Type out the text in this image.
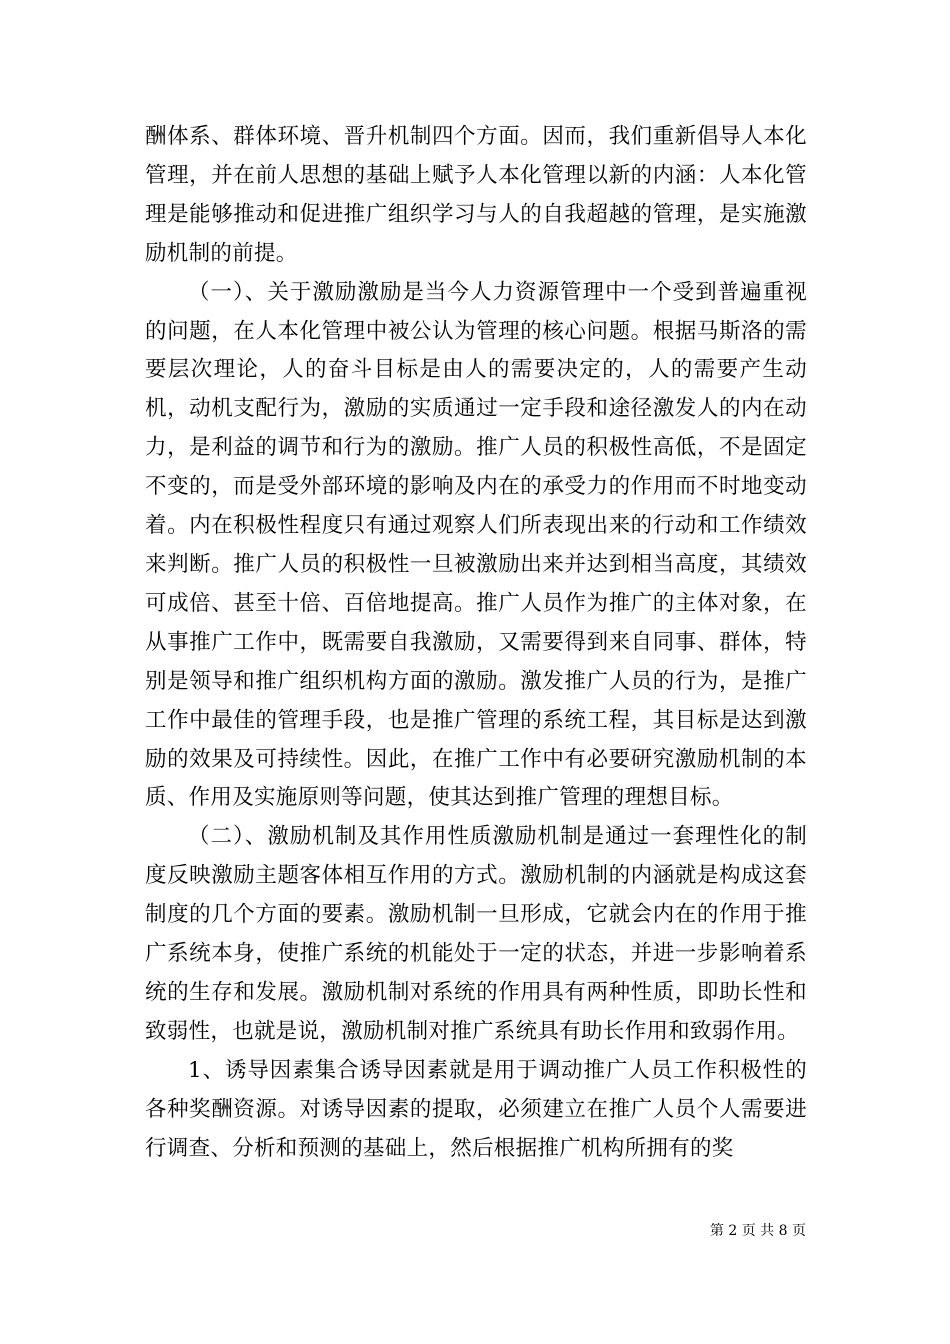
酬体系、群体环境、晋升机制四个方面。因而，我们重新倡导人本化管理，并在前人思想的基础上赋予人本化管理以新的内涵：人本化管理是能够推动和促进推广组织学习与人的自我超越的管理，是实施激励机制的前提。

（一）、关于激励激励是当今人力资源管理中一个受到普遍重视的问题，在人本化管理中被公认为管理的核心问题。根据马斯洛的需要层次理论，人的奋斗目标是由人的需要决定的，人的需要产生动机，动机支配行为，激励的实质通过一定手段和途径激发人的内在动力，是利益的调节和行为的激励。推广人员的积极性高低，不是固定不变的，而是受外部环境的影响及内在的承受力的作用而不时地变动着。内在积极性程度只有通过观察人们所表现出来的行动和工作绩效来判断。推广人员的积极性一旦被激励出来并达到相当高度，其绩效可成倍、甚至十倍、百倍地提高。推广人员作为推广的主体对象，在从事推广工作中，既需要自我激励，又需要得到来自同事、群体，特别是领导和推广组织机构方面的激励。激发推广人员的行为，是推广工作中最佳的管理手段，也是推广管理的系统工程，其目标是达到激励的效果及可持续性。因此，在推广工作中有必要研究激励机制的本质、作用及实施原则等问题，使其达到推广管理的理想目标。

（二）、激励机制及其作用性质激励机制是通过一套理性化的制度反映激励主题客体相互作用的方式。激励机制的内涵就是构成这套制度的几个方面的要素。激励机制一旦形成，它就会内在的作用于推广系统本身，使推广系统的机能处于一定的状态，并进一步影响着系统的生存和发展。激励机制对系统的作用具有两种性质，即助长性和致弱性，也就是说，激励机制对推广系统具有助长作用和致弱作用。

1、诱导因素集合诱导因素就是用于调动推广人员工作积极性的各种奖酬资源。对诱导因素的提取，必须建立在推广人员个人需要进行调查、分析和预测的基础上，然后根据推广机构所拥有的奖

第 2 页 共 8 页
